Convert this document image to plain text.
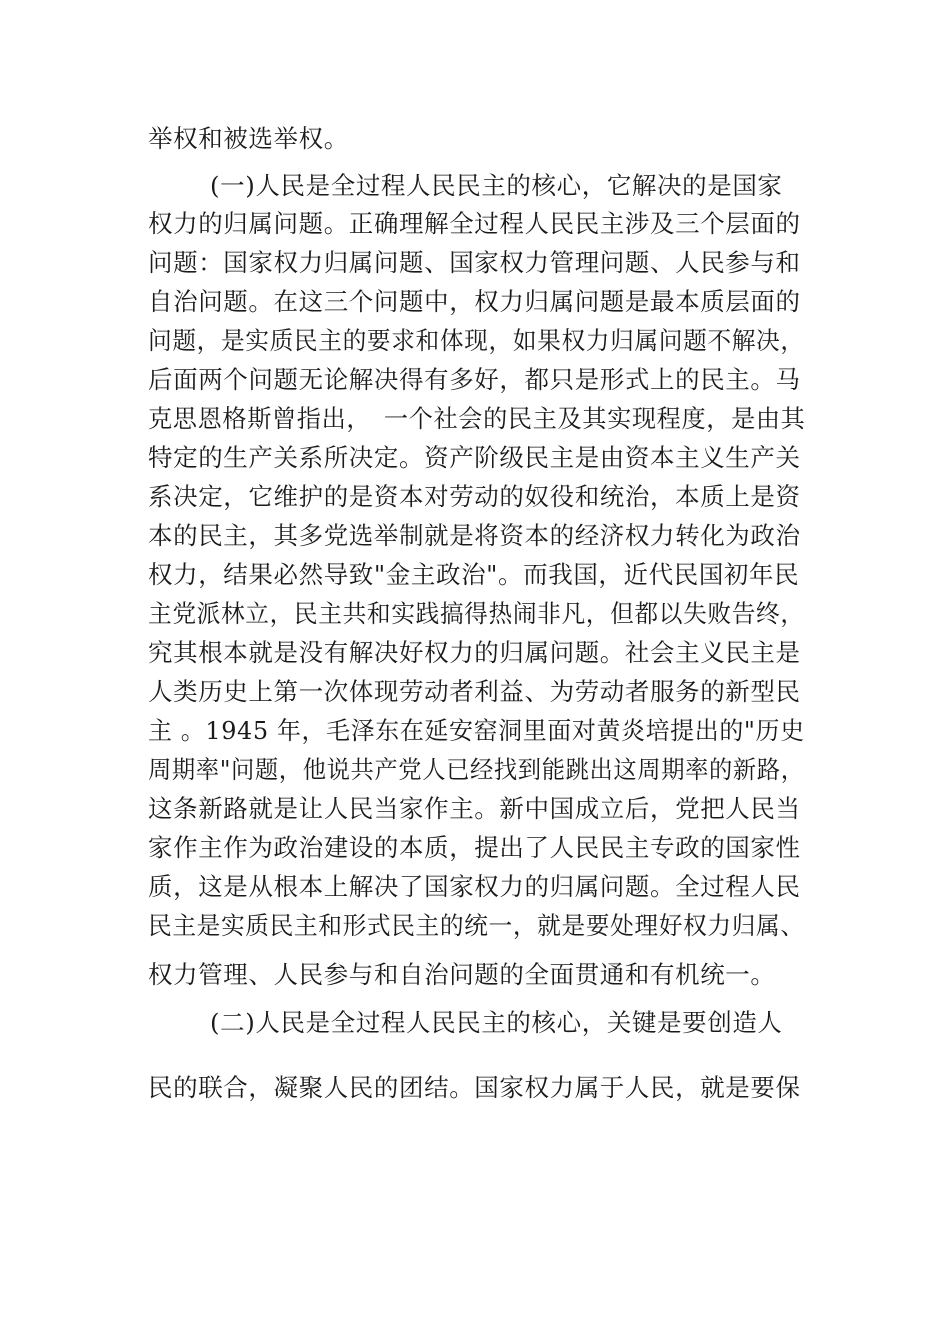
举权和被选举权。
(一)人民是全过程人民民主的核心，它解决的是国家
权力的归属问题。正确理解全过程人民民主涉及三个层面的
问题：国家权力归属问题、国家权力管理问题、人民参与和
自治问题。在这三个问题中，权力归属问题是最本质层面的
问题，是实质民主的要求和体现，如果权力归属问题不解决，
后面两个问题无论解决得有多好，都只是形式上的民主。马
克思恩格斯曾指出，　一个社会的民主及其实现程度，是由其
特定的生产关系所决定。资产阶级民主是由资本主义生产关
系决定，它维护的是资本对劳动的奴役和统治，本质上是资
本的民主，其多党选举制就是将资本的经济权力转化为政治
权力，结果必然导致"金主政治"。而我国，近代民国初年民
主党派林立，民主共和实践搞得热闹非凡，但都以失败告终，
究其根本就是没有解决好权力的归属问题。社会主义民主是
人类历史上第一次体现劳动者利益、为劳动者服务的新型民
主 。1945 年，毛泽东在延安窑洞里面对黄炎培提出的"历史
周期率"问题，他说共产党人已经找到能跳出这周期率的新路，
这条新路就是让人民当家作主。新中国成立后，党把人民当
家作主作为政治建设的本质，提出了人民民主专政的国家性
质，这是从根本上解决了国家权力的归属问题。全过程人民
民主是实质民主和形式民主的统一，就是要处理好权力归属、
权力管理、人民参与和自治问题的全面贯通和有机统一。
(二)人民是全过程人民民主的核心，关键是要创造人
民的联合，凝聚人民的团结。国家权力属于人民，就是要保
